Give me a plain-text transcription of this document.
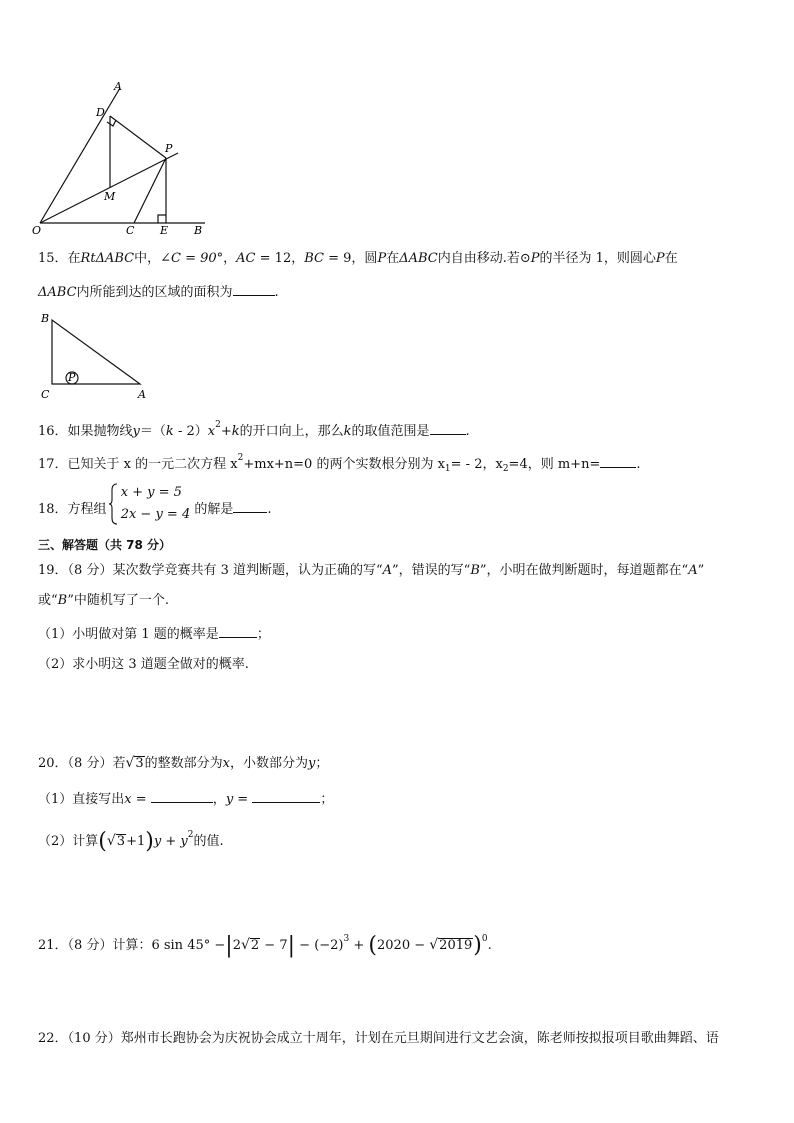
A
D
P
M
O	C E B
15．在RtΔABC中，∠C = 90°，AC = 12，BC = 9，圆P在ΔABC内自由移动.若⊙P的半径为 1，则圆心P在
ΔABC内所能到达的区域的面积为	.
B
C	A
P
16．如果抛物线$y=(k - 2)x^2+k$的开口向上，那么k的取值范围是	.
17．已知关于 x 的一元二次方程 $x^2+mx+n=0$ 的两个实数根分别为 $x_1= - 2$，$x_2=4$，则 m+n=	.
18．方程组
x + y = 5
2x − y = 4 的解是	.
三、解答题（共 78 分）
19．（8 分）某次数学竞赛共有 3 道判断题，认为正确的写“A”，错误的写“B”，小明在做判断题时，每道题都在“A”
或“B”中随机写了一个.
（1）小明做对第 1 题的概率是	；
（2）求小明这 3 道题全做对的概率.
20．（8 分）若√3的整数部分为x，小数部分为y；
（1）直接写出x =	，y =	；
（2）计算$(√3+1)y + y^2$的值.
21．（8 分）计算：6 $\sin 45^\circ -|2√2 - 7| - (-2)^3 + (2020 - √2019)^0$.
22．（10 分）郑州市长跑协会为庆祝协会成立十周年，计划在元旦期间进行文艺会演，陈老师按拟报项目歌曲舞蹈、语
